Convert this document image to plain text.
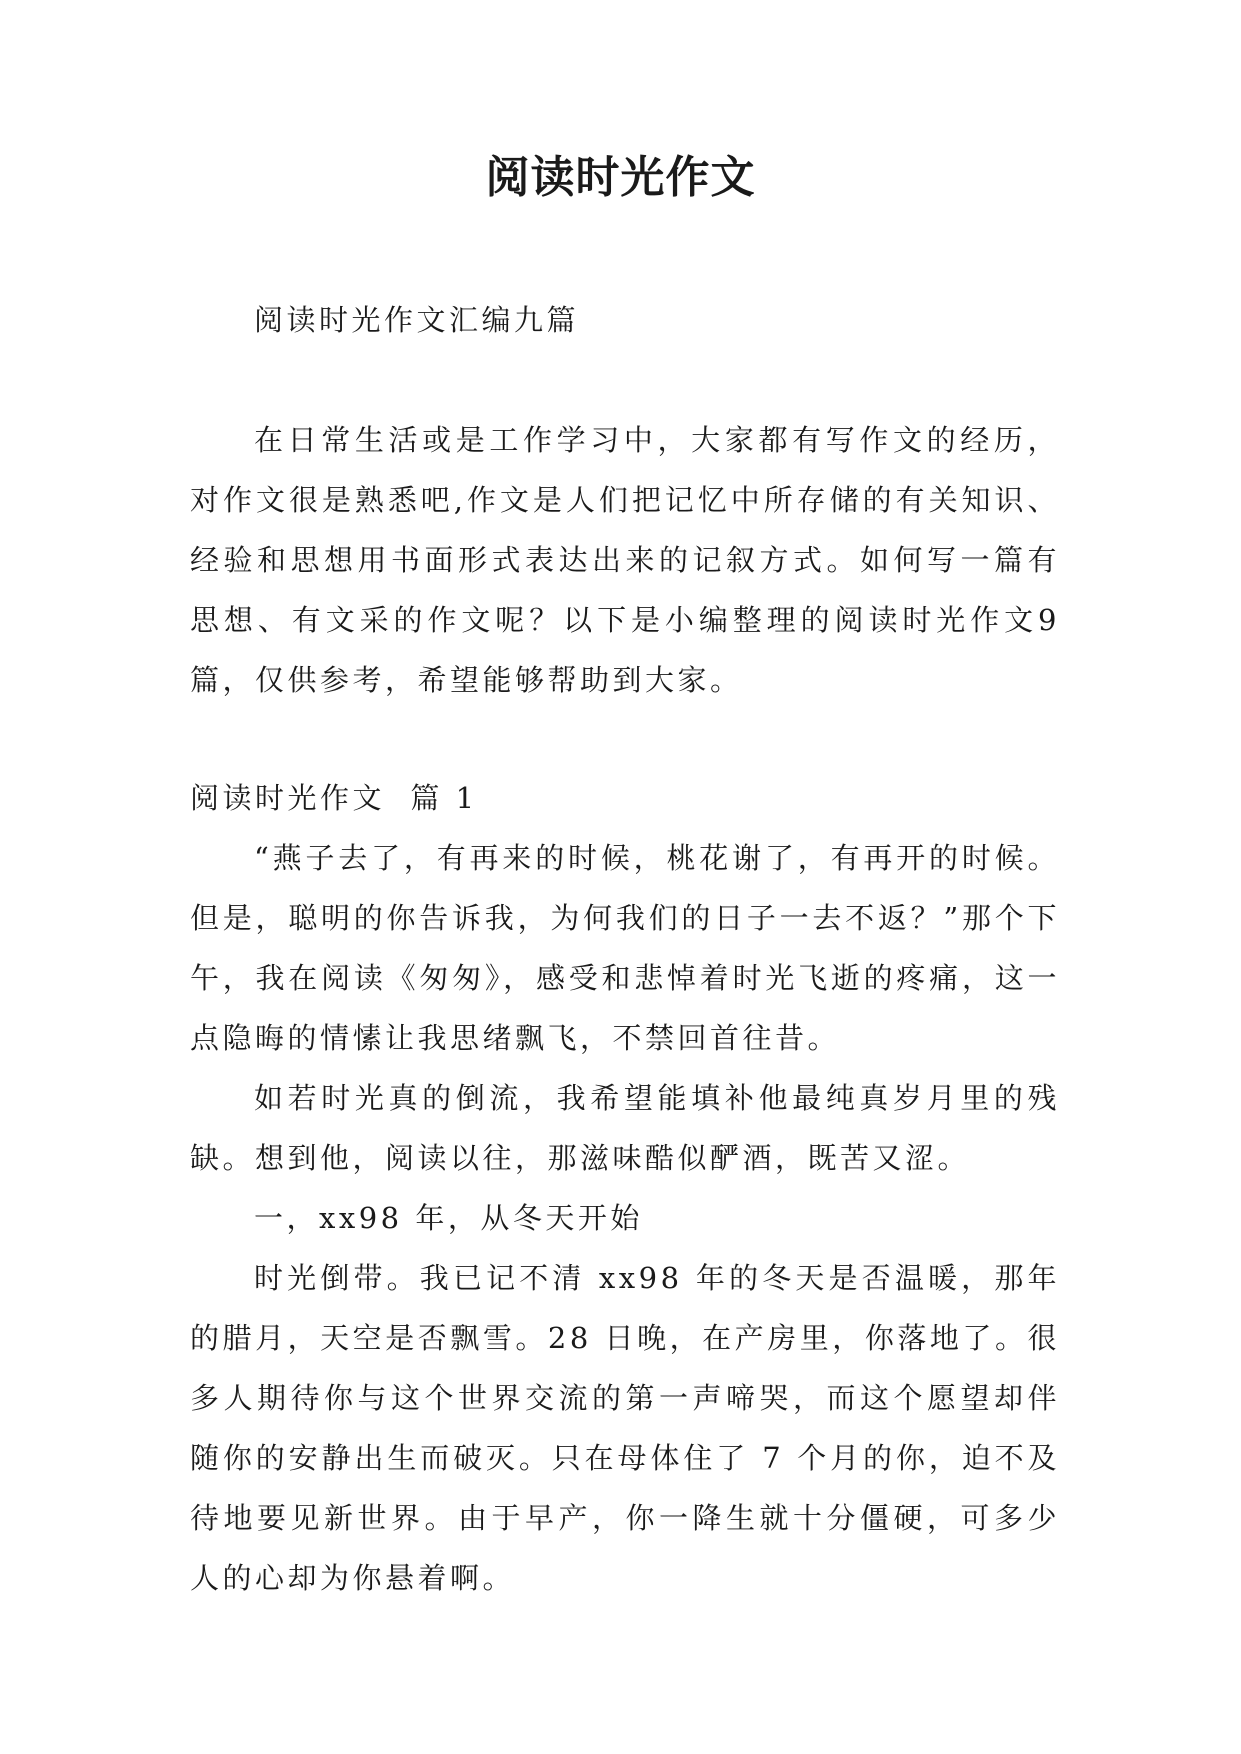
阅读时光作文

阅读时光作文汇编九篇

在日常生活或是工作学习中，大家都有写作文的经历，对作文很是熟悉吧,作文是人们把记忆中所存储的有关知识、经验和思想用书面形式表达出来的记叙方式。如何写一篇有思想、有文采的作文呢？以下是小编整理的阅读时光作文9篇，仅供参考，希望能够帮助到大家。

阅读时光作文  篇 1

“燕子去了，有再来的时候，桃花谢了，有再开的时候。但是，聪明的你告诉我，为何我们的日子一去不返？”那个下午，我在阅读《匆匆》，感受和悲悼着时光飞逝的疼痛，这一点隐晦的情愫让我思绪飘飞，不禁回首往昔。

如若时光真的倒流，我希望能填补他最纯真岁月里的残缺。想到他，阅读以往，那滋味酷似酽酒，既苦又涩。

一，xx98 年，从冬天开始

时光倒带。我已记不清 xx98 年的冬天是否温暖，那年的腊月，天空是否飘雪。28 日晚，在产房里，你落地了。很多人期待你与这个世界交流的第一声啼哭，而这个愿望却伴随你的安静出生而破灭。只在母体住了 7 个月的你，迫不及待地要见新世界。由于早产，你一降生就十分僵硬，可多少人的心却为你悬着啊。
